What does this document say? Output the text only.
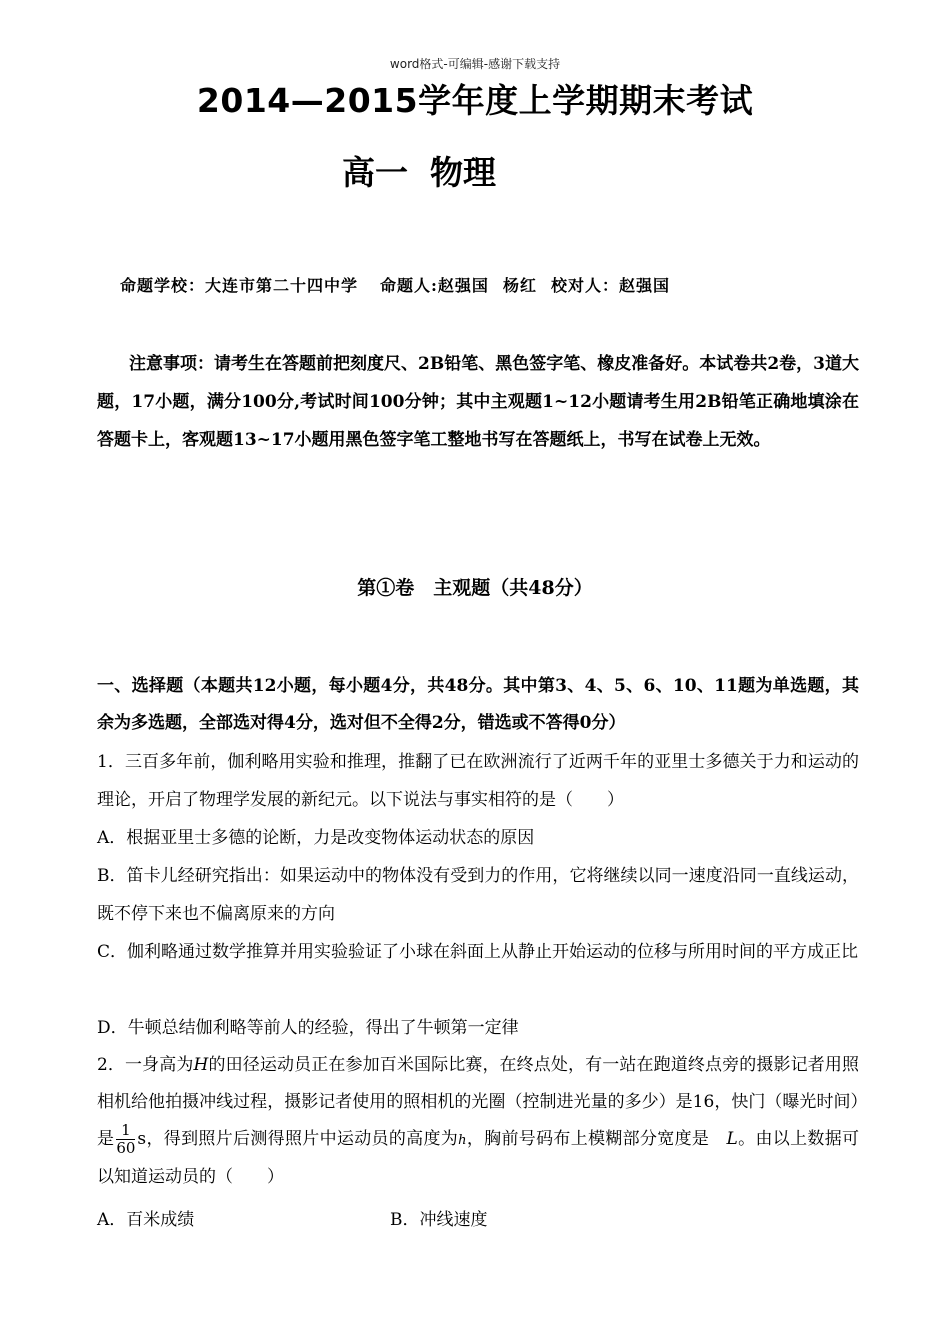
word格式-可编辑-感谢下载支持
2014—2015学年度上学期期末考试
高一 物理
命题学校：大连市第二十四中学 命题人:赵强国 杨红 校对人：赵强国
注意事项：请考生在答题前把刻度尺、2B铅笔、黑色签字笔、橡皮准备好。本试卷共2卷，3道大题，17小题，满分100分,考试时间100分钟；其中主观题1~12小题请考生用2B铅笔正确地填涂在答题卡上，客观题13~17小题用黑色签字笔工整地书写在答题纸上，书写在试卷上无效。
第①卷　主观题（共48分）
一、选择题（本题共12小题，每小题4分，共48分。其中第3、4、5、6、10、11题为单选题，其余为多选题，全部选对得4分，选对但不全得2分，错选或不答得0分）
1．三百多年前，伽利略用实验和推理，推翻了已在欧洲流行了近两千年的亚里士多德关于力和运动的理论，开启了物理学发展的新纪元。以下说法与事实相符的是（　　）
A．根据亚里士多德的论断，力是改变物体运动状态的原因
B．笛卡儿经研究指出：如果运动中的物体没有受到力的作用，它将继续以同一速度沿同一直线运动，既不停下来也不偏离原来的方向
C．伽利略通过数学推算并用实验验证了小球在斜面上从静止开始运动的位移与所用时间的平方成正比
D．牛顿总结伽利略等前人的经验，得出了牛顿第一定律
2．一身高为H的田径运动员正在参加百米国际比赛，在终点处，有一站在跑道终点旁的摄影记者用照相机给他拍摄冲线过程，摄影记者使用的照相机的光圈（控制进光量的多少）是16，快门（曝光时间）是 $\frac{1}{60}$ s，得到照片后测得照片中运动员的高度为h，胸前号码布上模糊部分宽度是　L。由以上数据可以知道运动员的（　　）
A．百米成绩	B．冲线速度
